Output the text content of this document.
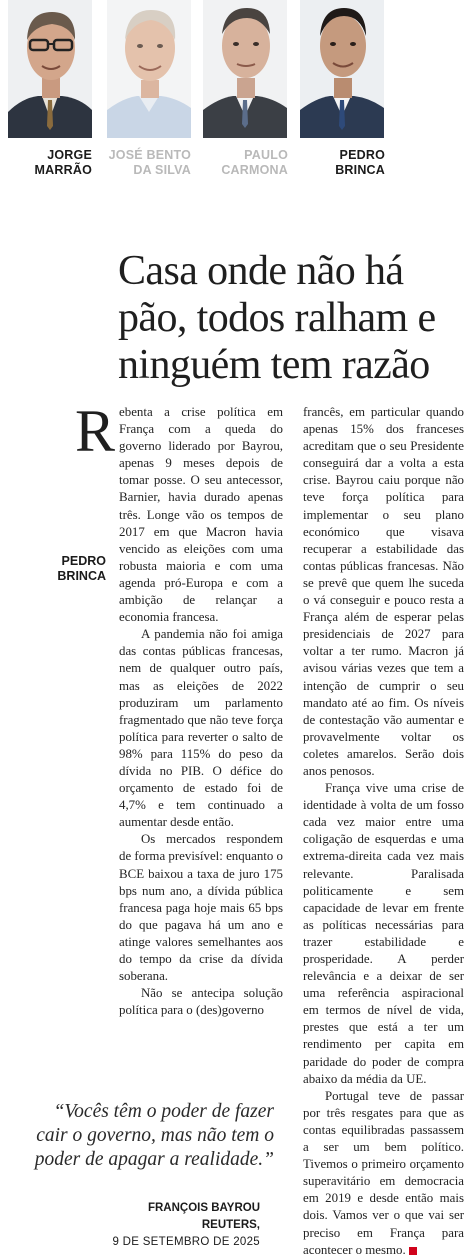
JORGE
MARRÃO
JOSÉ BENTO
DA SILVA
PAULO
CARMONA
PEDRO
BRINCA
Casa onde não há
pão, todos ralham e
ninguém tem razão
PEDRO
BRINCA

Rebenta a crise política em França com a queda do governo liderado por Bayrou, apenas 9 meses depois de tomar posse. O seu antecessor, Barnier, havia durado apenas três. Longe vão os tempos de 2017 em que Macron havia vencido as eleições com uma robusta maioria e com uma agenda pró-Europa e com a ambição de relançar a economia francesa.

A pandemia não foi amiga das contas públicas francesas, nem de qualquer outro país, mas as eleições de 2022 produziram um parlamento fragmentado que não teve força política para reverter o salto de 98% para 115% do peso da dívida no PIB. O défice do orçamento de estado foi de 4,7% e tem continuado a aumentar desde então.

Os mercados respondem de forma previsível: enquanto o BCE baixou a taxa de juro 175 bps num ano, a dívida pública francesa paga hoje mais 65 bps do que pagava há um ano e atinge valores semelhantes aos do tempo da crise da dívida soberana.

Não se antecipa solução política para o (des)governo

francês, em particular quando apenas 15% dos franceses acreditam que o seu Presidente conseguirá dar a volta a esta crise. Bayrou caiu porque não teve força política para implementar o seu plano económico que visava recuperar a estabilidade das contas públicas francesas. Não se prevê que quem lhe suceda o vá conseguir e pouco resta a França além de esperar pelas presidenciais de 2027 para voltar a ter rumo. Macron já avisou várias vezes que tem a intenção de cumprir o seu mandato até ao fim. Os níveis de contestação vão aumentar e provavelmente voltar os coletes amarelos. Serão dois anos penosos.

França vive uma crise de identidade à volta de um fosso cada vez maior entre uma coligação de esquerdas e uma extrema-direita cada vez mais relevante. Paralisada politicamente e sem capacidade de levar em frente as políticas necessárias para trazer estabilidade e prosperidade. A perder relevância e a deixar de ser uma referência aspiracional em termos de nível de vida, prestes que está a ter um rendimento per capita em paridade do poder de compra abaixo da média da UE.

Portugal teve de passar por três resgates para que as contas equilibradas passassem a ser um bem político. Tivemos o primeiro orçamento superavitário em democracia em 2019 e desde então mais dois. Vamos ver o que vai ser preciso em França para acontecer o mesmo.

“Vocês têm o poder de fazer
cair o governo, mas não tem o
poder de apagar a realidade.”
FRANÇOIS BAYROU
REUTERS,
9 DE SETEMBRO DE 2025
